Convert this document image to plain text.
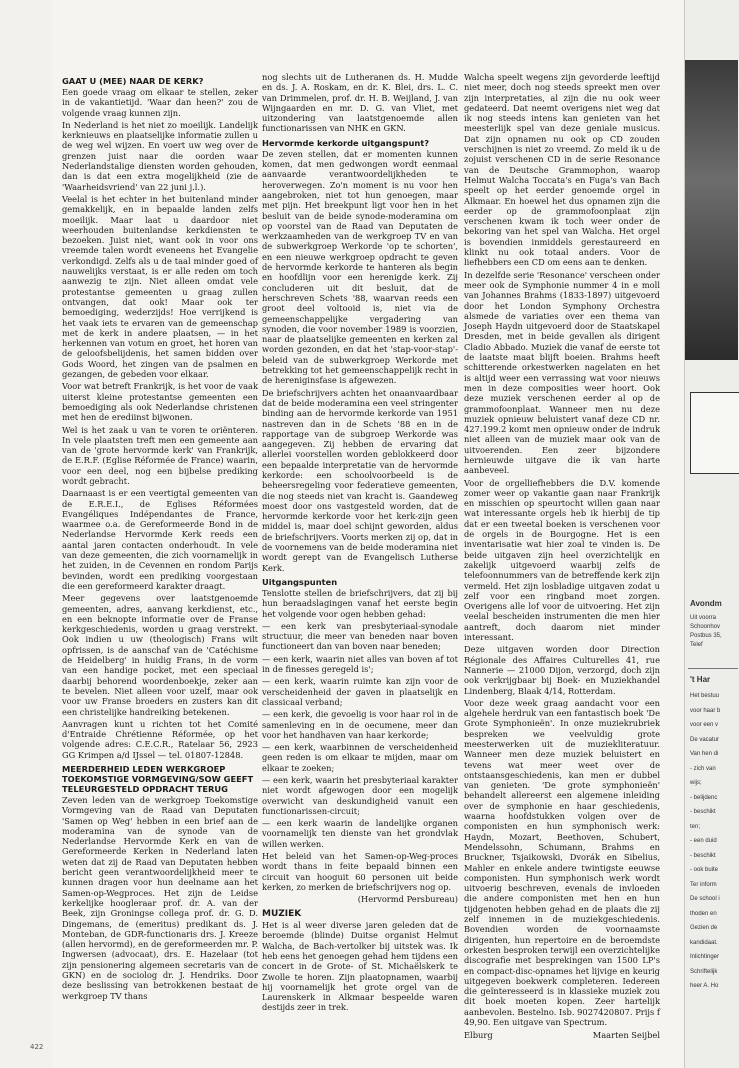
GAAT U (MEE) NAAR DE KERK?

Een goede vraag om elkaar te stellen, zeker in de vakantietijd. 'Waar dan heen?' zou de volgende vraag kunnen zijn.

In Nederland is het niet zo moeilijk. Landelijk kerknieuws en plaatselijke informatie zullen u de weg wel wijzen. En voert uw weg over de grenzen juist naar die oorden waar Nederlandstalige diensten worden gehouden, dan is dat een extra mogelijkheid (zie de 'Waarheidsvriend' van 22 juni j.l.).

Veelal is het echter in het buitenland minder gemakkelijk, en in bepaalde landen zelfs moeilijk. Maar laat u daardoor niet weerhouden buitenlandse kerkdiensten te bezoeken. Juist niet, want ook in voor ons vreemde talen wordt eveneens het Evangelie verkondigd. Zelfs als u de taal minder goed of nauwelijks verstaat, is er alle reden om toch aanwezig te zijn. Niet alleen omdat vele protestantse gemeenten u graag zullen ontvangen, dat ook! Maar ook ter bemoediging, wederzijds! Hoe verrijkend is het vaak iets te ervaren van de gemeenschap met de kerk in andere plaatsen, — in het herkennen van votum en groet, het horen van de geloofsbelijdenis, het samen bidden over Gods Woord, het zingen van de psalmen en gezangen, de gebeden voor elkaar.

Voor wat betreft Frankrijk, is het voor de vaak uiterst kleine protestantse gemeenten een bemoediging als ook Nederlandse christenen met hen de erediinst bijwonen.

Wel is het zaak u van te voren te oriënteren. In vele plaatsten treft men een gemeente aan van de 'grote hervormde kerk' van Frankrijk, de E.R.F. (Eglise Réformée de France) waarin, voor een deel, nog een bijbelse prediking wordt gebracht.

Daarnaast is er een veertigtal gemeenten van de E.R.E.I., de Eglises Réformées Evangéliques Indépendantes de France, waarmee o.a. de Gereformeerde Bond in de Nederlandse Hervormde Kerk reeds een aantal jaren contacten onderhoudt. In vele van deze gemeenten, die zich voornamelijk in het zuiden, in de Cevennen en rondom Parijs bevinden, wordt een prediking voorgestaan die een gereformeerd karakter draagt.

Meer gegevens over laatstgenoemde gemeenten, adres, aanvang kerkdienst, etc., en een beknopte informatie over de Franse kerkgeschiedenis, worden u graag verstrekt. Ook indien u uw (theologisch) Frans wilt opfrissen, is de aanschaf van de 'Catéchisme de Heidelberg' in huidig Frans, in de vorm van een handige pocket, met een speciaal daarbij behorend woordenboekje, zeker aan te bevelen. Niet alleen voor uzelf, maar ook voor uw Franse broeders en zusters kan dit een christelijke handreiking betekenen.

Aanvragen kunt u richten tot het Comité d'Entraide Chrétienne Réformée, op het volgende adres: C.E.C.R., Ratelaar 56, 2923 GG Krimpen a/d IJssel — tel. 01807-12848.

MEERDERHEID LEDEN WERKGROEP TOEKOMSTIGE VORMGEVING/SOW GEEFT TELEURGESTELD OPDRACHT TERUG

Zeven leden van de werkgroep Toekomstige Vormgeving van de Raad van Deputaten 'Samen op Weg' hebben in een brief aan de moderamina van de synode van de Nederlandse Hervormde Kerk en van de Gereformeerde Kerken in Nederland laten weten dat zij de Raad van Deputaten hebben bericht geen verantwoordelijkheid meer te kunnen dragen voor hun deelname aan het Samen-op-Wegproces. Het zijn de Leidse kerkelijke hoogleraar prof. dr. A. van der Beek, zijn Groningse collega prof. dr. G. D. Dingemans, de (emeritus) predikant ds. J. Monteban, de GDR-functionaris drs. J. Kreeze (allen hervormd), en de gereformeerden mr. P. Ingwersen (advocaat), drs. E. Hazelaar (tot zijn pensionering algemeen secretaris van de GKN) en de sociolog dr. J. Hendriks. Door deze beslissing van betrokkenen bestaat de werkgroep TV thans

nog slechts uit de Lutheranen ds. H. Mudde en ds. J. A. Roskam, en dr. K. Blei, drs. L. C. van Drimmelen, prof. dr. H. B. Weijland, J. van Wijngaarden en mr. D. G. van Vliet, met uitzondering van laatstgenoemde allen functionarissen van NHK en GKN.

Hervormde kerkorde uitgangspunt?

De zeven stellen, dat er momenten kunnen komen, dat men gedwongen wordt eenmaal aanvaarde verantwoordelijkheden te heroverwegen. Zo'n moment is nu voor hen aangebroken, niet tot hun genoegen, maar met pijn. Het breekpunt ligt voor hen in het besluit van de beide synode-moderamina om op voorstel van de Raad van Deputaten de werkzaamheden van de werkgroep TV en van de subwerkgroep Werkorde 'op te schorten', en een nieuwe werkgroep opdracht te geven de hervormde kerkorde te hanteren als begin en hoofdlijn voor een herenigde kerk. Zij concluderen uit dit besluit, dat de herschreven Schets '88, waarvan reeds een groot deel voltooid is, niet via de gemeenschappelijke vergadering van synoden, die voor november 1989 is voorzien, naar de plaatselijke gemeenten en kerken zal worden gezonden, en dat het 'stap-voor-stap'-beleid van de subwerkgroep Werkorde met betrekking tot het gemeenschappelijk recht in de hereniginsfase is afgewezen.

De briefschrijvers achten het onaanvaardbaar dat de beide moderamina een veel stringenter binding aan de hervormde kerkorde van 1951 nastreven dan in de Schets '88 en in de rapportage van de subgroep Werkorde was aangegeven. Zij hebben de ervaring dat allerlei voorstellen worden geblokkeerd door een bepaalde interpretatie van de hervormde kerkorde: een schoolvoorbeeld is de beheersregeling voor federatieve gemeenten, die nog steeds niet van kracht is. Gaandeweg moest door ons vastgesteld worden, dat de hervormde kerkorde voor het kerk-zijn geen middel is, maar doel schijnt geworden, aldus de briefschrijvers. Voorts merken zij op, dat in de voornemens van de beide moderamina niet wordt gerept van de Evangelisch Lutherse Kerk.

Uitgangspunten

Tenslotte stellen de briefschrijvers, dat zij bij hun beraadslagingen vanaf het eerste begin het volgende voor ogen hebben gehad:

— een kerk van presbyteriaal-synodale structuur, die meer van beneden naar boven functioneert dan van boven naar beneden;

— een kerk, waarin niet alles van boven af tot in de finesses geregeld is';

— een kerk, waarin ruimte kan zijn voor de verscheidenheid der gaven in plaatselijk en classicaal verband;

— een kerk, die gevoelig is voor haar rol in de samenleving en in de oecumene, meer dan voor het handhaven van haar kerkorde;

— een kerk, waarbinnen de verscheidenheid geen reden is om elkaar te mijden, maar om elkaar te zoeken;

— een kerk, waarin het presbyteriaal karakter niet wordt afgewogen door een mogelijk overwicht van deskundigheid vanuit een functionarissen-circuit;

— een kerk waarin de landelijke organen voornamelijk ten dienste van het grondvlak willen werken.

Het beleid van het Samen-op-Weg-proces wordt thans in feite bepaald binnen een circuit van hooguit 60 personen uit beide kerken, zo merken de briefschrijvers nog op.

(Hervormd Persbureau)

MUZIEK

Het is al weer diverse jaren geleden dat de beroemde (blinde) Duitse organist Helmut Walcha, de Bach-vertolker bij uitstek was. Ik heb eens het genoegen gehad hem tijdens een concert in de Grote- of St. Michaëlskerk te Zwolle te horen. Zijn plaatopnamen, waarbij hij voornamelijk het grote orgel van de Laurenskerk in Alkmaar bespeelde waren destijds zeer in trek.

Walcha speelt wegens zijn gevorderde leeftijd niet meer, doch nog steeds spreekt men over zijn interpretaties, al zijn die nu ook weer gedateerd. Dat neemt overigens niet weg dat ik nog steeds intens kan genieten van het meesterlijk spel van deze geniale musicus. Dat zijn opnamen nu ook op CD zouden verschijnen is niet zo vreemd. Zo meld ik u de zojuist verschenen CD in de serie Resonance van de Deutsche Grammophon, waarop Helmut Walcha Toccata's en Fuga's van Bach speelt op het eerder genoemde orgel in Alkmaar. En hoewel het dus opnamen zijn die eerder op de grammofoonplaat zijn verschenen kwam ik toch weer onder de bekoring van het spel van Walcha. Het orgel is bovendien inmiddels gerestaureerd en klinkt nu ook totaal anders. Voor de liefhebbers een CD om eens aan te denken.

In dezelfde serie 'Resonance' verscheen onder meer ook de Symphonie nummer 4 in e moll van Johannes Brahms (1833-1897) uitgevoerd door het London Symphony Orchestra alsmede de variaties over een thema van Joseph Haydn uitgevoerd door de Staatskapel Dresden, met in beide gevallen als dirigent Cladio Abbado. Muziek die vanaf de eerste tot de laatste maat blijft boeien. Brahms heeft schitterende orkestwerken nagelaten en het is altijd weer een verrassing wat voor nieuws men in deze composities weer hoort. Ook deze muziek verschenen eerder al op de grammofoonplaat. Wanneer men nu deze muziek opnieuw beluistert vanaf deze CD nr. 427.199.2 komt men opnieuw onder de indruk niet alleen van de muziek maar ook van de uitvoerenden. Een zeer bijzondere hernieuwde uitgave die ik van harte aanbeveel.

Voor de orgelliefhebbers die D.V. komende zomer weer op vakantie gaan naar Frankrijk en misschien op speurtocht willen gaan naar wat interessante orgels heb ik hierbij de tip dat er een tweetal boeken is verschenen voor de orgels in de Bourgogne. Het is een inventarisatie wat hier zoal te vinden is. De beide uitgaven zijn heel overzichtelijk en zakelijk uitgevoerd waarbij zelfs de telefoonnummers van de betreffende kerk zijn vermeld. Het zijn losbladige uitgaven zodat u zelf voor een ringband moet zorgen. Overigens alle lof voor de uitvoering. Het zijn veelal bescheiden instrumenten die men hier aantreft, doch daarom niet minder interessant.

Deze uitgaven worden door Direction Régionale des Affaires Culturelles 41, rue Nannerie — 21000 Dijon, verzorgd, doch zijn ook verkrijgbaar bij Boek- en Muziekhandel Lindenberg, Blaak 4/14, Rotterdam.

Voor deze week graag aandacht voor een algehele herdruk van een fantastisch boek 'De Grote Symphonieën'. In onze muziekrubriek bespreken we veelvuldig grote meesterwerken uit de muziekliteratuur. Wanneer men deze muziek beluistert en tevens wat meer weet over de ontstaansgeschiedenis, kan men er dubbel van genieten. 'De grote symphonieën' behandelt allereerst een algemene inleiding over de symphonie en haar geschiedenis, waarna hoofdstukken volgen over de componisten en hun symphonisch werk: Haydn, Mozart, Beethoven, Schubert, Mendelssohn, Schumann, Brahms en Bruckner, Tsjaikowski, Dvorák en Sibelius, Mahler en enkele andere twintigste eeuwse componisten. Hun symphonisch werk wordt uitvoerig beschreven, evenals de invloeden die andere componisten met hen en hun tijdgenoten hebben gehad en de plaats die zij zelf innemen in de muziekgeschiedenis. Bovendien worden de voornaamste dirigenten, hun repertoire en de beroemdste orkesten besproken terwijl een overzichtelijke discografie met besprekingen van 1500 LP's en compact-disc-opnames het lijvige en keurig uitgegeven boekwerk completeren. Iedereen die geïnteresseerd is in klassieke muziek zou dit boek moeten kopen. Zeer hartelijk aanbevolen. Bestelno. Isb. 9027420807. Prijs f 49,90. Een uitgave van Spectrum.

Elburg	Maarten Seijbel
422
Avondm
Uit voorra
Schoonhov
Postbus 35,
Telef
't Har
Het bestuu
voor haar b
voor een v
De vacatur
Van hen di
- zich van
wijs;
- belijdenc
- beschikt
ten;
- een duid
- beschikt
- ook buite
Ter inform
De school i
thoden en
Gezien de
kandidaat.
Inlichtinger
Schriftelijk
heer A. Ho
